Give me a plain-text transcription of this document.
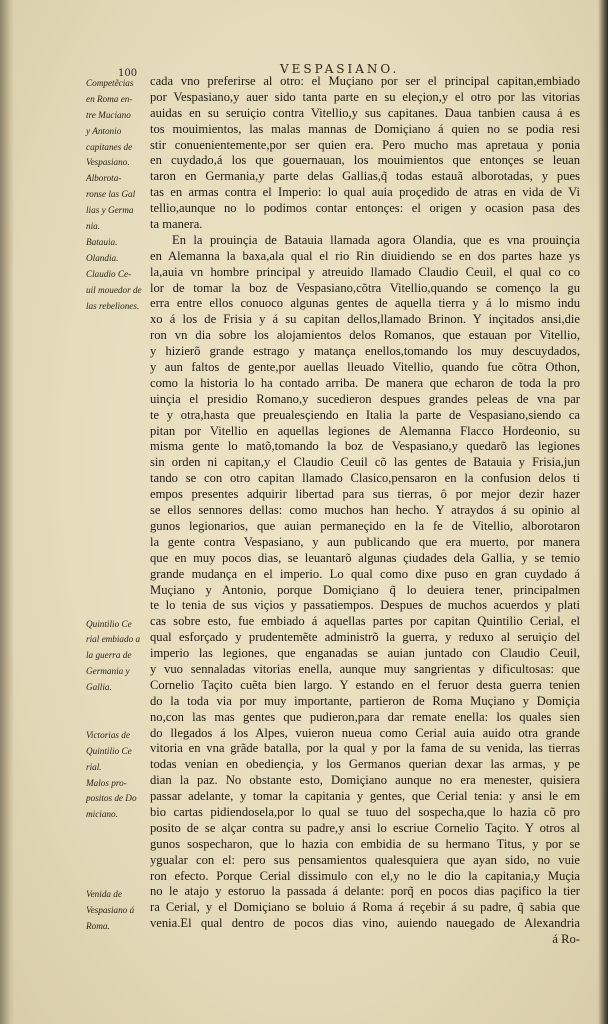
100	VESPASIANO.
cada vno preferirse al otro: el Muçiano por ser el principal capitan,embiado
por Vespasiano,y auer sido tanta parte en su eleçion,y el otro por las vitorias
auidas en su seruiçio contra Vitellio,y sus capitanes. Daua tanbien causa á es
tos mouimientos, las malas mannas de Domiçiano á quien no se podia resi
stir conuenientemente,por ser quien era. Pero mucho mas apretaua y ponia
en cuydado,á los que gouernauan, los mouimientos que entonçes se leuan
taron en Germania,y parte delas Gallias,q̃ todas estauã alborotadas, y pues
tas en armas contra el Imperio: lo qual auia proçedido de atras en vida de Vi
tellio,aunque no lo podimos contar entonçes: el origen y ocasion pasa des
ta manera.
En la prouinçia de Batauia llamada agora Olandia, que es vna prouinçia
en Alemanna la baxa,ala qual el rio Rin diuidiendo se en dos partes haze ys
la,auia vn hombre principal y atreuido llamado Claudio Ceuil, el qual co co
lor de tomar la boz de Vespasiano,cõtra Vitellio,quando se començo la gu
erra entre ellos conuoco algunas gentes de aquella tierra y á lo mismo indu
xo á los de Frisia y á su capitan dellos,llamado Brinon. Y inçitados ansi,die
ron vn dia sobre los alojamientos delos Romanos, que estauan por Vitellio,
y hizierõ grande estrago y matança enellos,tomando los muy descuydados,
y aun faltos de gente,por auellas lleuado Vitellio, quando fue cõtra Othon,
como la historia lo ha contado arriba. De manera que echaron de toda la pro
uinçia el presidio Romano,y sucedieron despues grandes peleas de vna par
te y otra,hasta que preualesçiendo en Italia la parte de Vespasiano,siendo ca
pitan por Vitellio en aquellas legiones de Alemanna Flacco Hordeonio, su
misma gente lo matõ,tomando la boz de Vespasiano,y quedarõ las legiones
sin orden ni capitan,y el Claudio Ceuil cõ las gentes de Batauia y Frisia,jun
tando se con otro capitan llamado Clasico,pensaron en la confusion delos ti
empos presentes adquirir libertad para sus tierras, ô por mejor dezir hazer
se ellos sennores dellas: como muchos han hecho. Y atraydos á su opinio al
gunos legionarios, que auian permaneçido en la fe de Vitellio, alborotaron
la gente contra Vespasiano, y aun publicando que era muerto, por manera
que en muy pocos dias, se leuantarõ algunas çiudades dela Gallia, y se temio
grande mudança en el imperio. Lo qual como dixe puso en gran cuydado á
Muçiano y Antonio, porque Domiçiano q̃ lo deuiera tener, principalmen
te lo tenia de sus viçios y passatiempos. Despues de muchos acuerdos y plati
cas sobre esto, fue embiado á aquellas partes por capitan Quintilio Cerial, el
qual esforçado y prudentemẽte administrõ la guerra, y reduxo al seruiçio del
imperio las legiones, que enganadas se auian juntado con Claudio Ceuil,
y vuo sennaladas vitorias enella, aunque muy sangrientas y dificultosas: que
Cornelio Taçito cuẽta bien largo. Y estando en el feruor desta guerra tenien
do la toda via por muy importante, partieron de Roma Muçiano y Domiçia
no,con las mas gentes que pudieron,para dar remate enella: los quales sien
do llegados á los Alpes, vuieron nueua como Cerial auia auido otra grande
vitoria en vna grãde batalla, por la qual y por la fama de su venida, las tierras
todas venian en obediençia, y los Germanos querian dexar las armas, y pe
dian la paz. No obstante esto, Domiçiano aunque no era menester, quisiera
passar adelante, y tomar la capitania y gentes, que Cerial tenia: y ansi le em
bio cartas pidiendosela,por lo qual se tuuo del sospecha,que lo hazia cõ pro
posito de se alçar contra su padre,y ansi lo escriue Cornelio Taçito. Y otros al
gunos sospecharon, que lo hazia con embidia de su hermano Titus, y por se
ygualar con el: pero sus pensamientos qualesquiera que ayan sido, no vuie
ron efecto. Porque Cerial dissimulo con el,y no le dio la capitania,y Muçia
no le atajo y estoruo la passada á delante: porq̃ en pocos dias paçifico la tier
ra Cerial, y el Domiçiano se boluio á Roma á reçebir á su padre, q̃ sabia que
venia.El qual dentro de pocos dias vino, auiendo nauegado de Alexandria
á Ro-
Competẽcias
en Roma en-
tre Muciano
y Antonio
capitanes de
Vespasiano.
Alborota-
ronse las Gal
lias y Germa
nia.
Batauia.
Olandia.
Claudio Ce-
uil mouedor de
las rebeliones.
Quintilio Ce
rial embiado a
la guerra de
Germania y
Gallia.
Victorias de
Quintilio Ce
rial.
Malos pro-
positos de Do
miciano.
Venida de
Vespasiano á
Roma.
